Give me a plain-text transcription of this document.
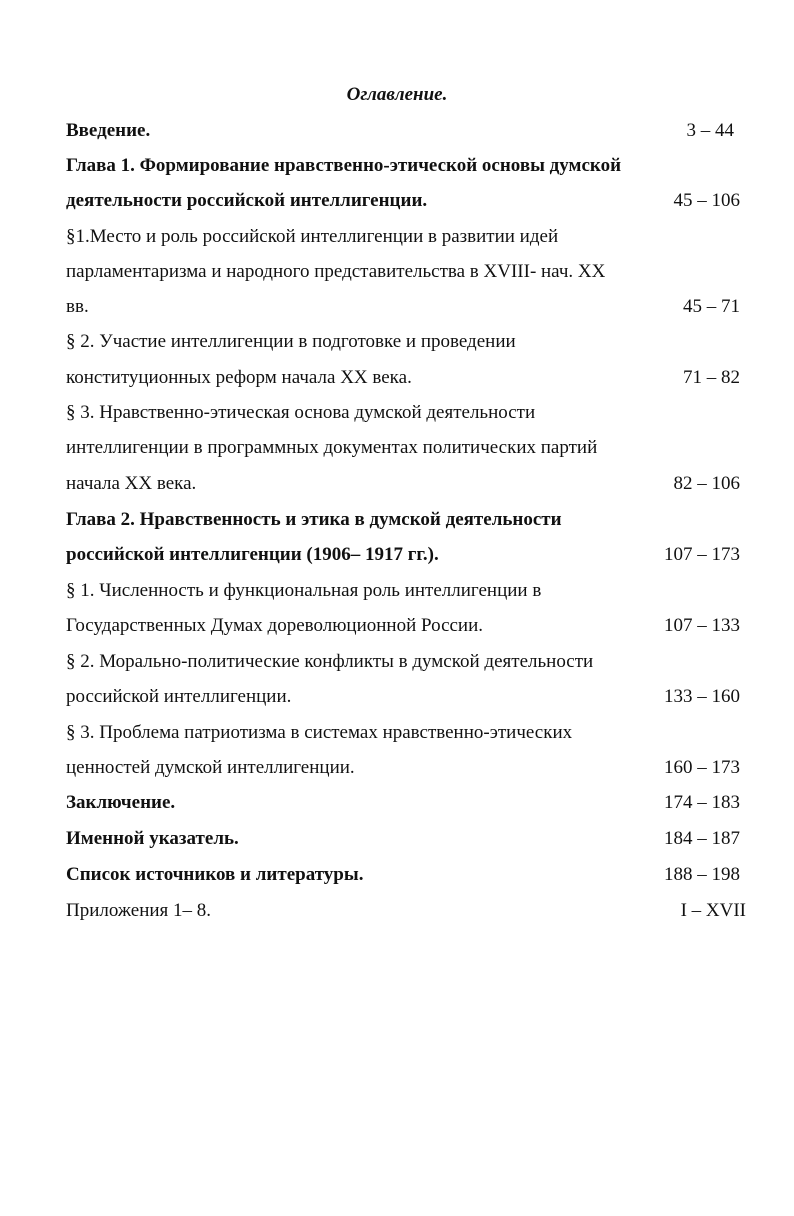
Оглавление.
Введение.	3 – 44
Глава 1. Формирование нравственно-этической основы думской
деятельности российской интеллигенции.	45 – 106
§1.Место и роль российской интеллигенции в развитии идей
парламентаризма и народного представительства в XVIII- нач. XX
вв.	45 – 71
§ 2. Участие интеллигенции в подготовке и проведении
конституционных реформ начала XX века.	71 – 82
§ 3. Нравственно-этическая основа думской деятельности
интеллигенции в программных документах политических партий
начала XX века.	82 – 106
Глава 2. Нравственность и этика в думской деятельности
российской интеллигенции (1906– 1917 гг.).	107 – 173
§ 1. Численность и функциональная роль интеллигенции в
Государственных Думах дореволюционной России.	107 – 133
§ 2. Морально-политические конфликты в думской деятельности
российской интеллигенции.	133 – 160
§ 3. Проблема патриотизма в системах нравственно-этических
ценностей думской интеллигенции.	160 – 173
Заключение.	174 – 183
Именной указатель.	184 – 187
Список источников и литературы.	188 – 198
Приложения 1– 8.	I – XVII
